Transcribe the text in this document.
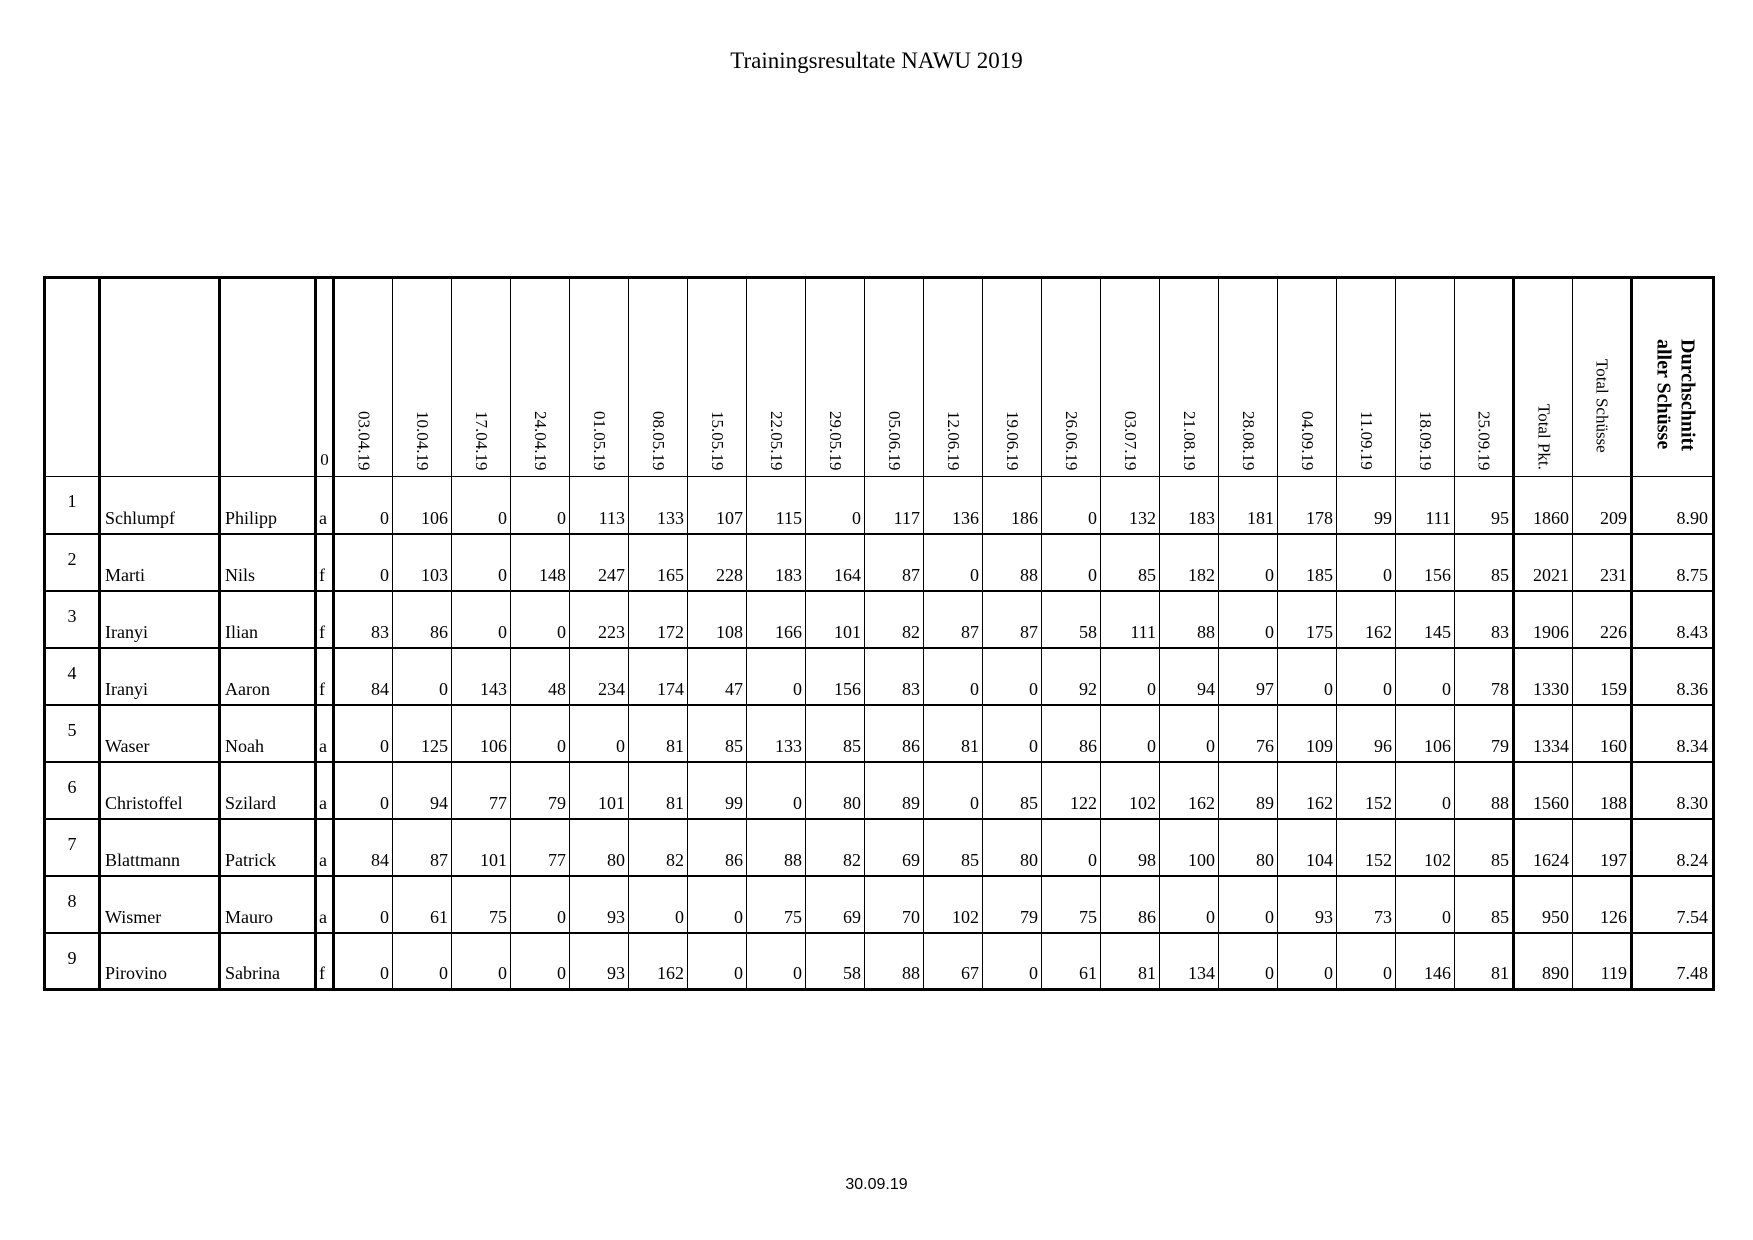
Trainingsresultate NAWU 2019
			0	03.04.19	10.04.19	17.04.19	24.04.19	01.05.19	08.05.19	15.05.19	22.05.19	29.05.19	05.06.19	12.06.19	19.06.19	26.06.19	03.07.19	21.08.19	28.08.19	04.09.19	11.09.19	18.09.19	25.09.19	Total Pkt.	Total Schüsse	Durchschnitt aller Schüsse

1	Schlumpf	Philipp	a	0	106	0	0	113	133	107	115	0	117	136	186	0	132	183	181	178	99	111	95	1860	209	8.90
2	Marti	Nils	f	0	103	0	148	247	165	228	183	164	87	0	88	0	85	182	0	185	0	156	85	2021	231	8.75
3	Iranyi	Ilian	f	83	86	0	0	223	172	108	166	101	82	87	87	58	111	88	0	175	162	145	83	1906	226	8.43
4	Iranyi	Aaron	f	84	0	143	48	234	174	47	0	156	83	0	0	92	0	94	97	0	0	0	78	1330	159	8.36
5	Waser	Noah	a	0	125	106	0	0	81	85	133	85	86	81	0	86	0	0	76	109	96	106	79	1334	160	8.34
6	Christoffel	Szilard	a	0	94	77	79	101	81	99	0	80	89	0	85	122	102	162	89	162	152	0	88	1560	188	8.30
7	Blattmann	Patrick	a	84	87	101	77	80	82	86	88	82	69	85	80	0	98	100	80	104	152	102	85	1624	197	8.24
8	Wismer	Mauro	a	0	61	75	0	93	0	0	75	69	70	102	79	75	86	0	0	93	73	0	85	950	126	7.54
9	Pirovino	Sabrina	f	0	0	0	0	93	162	0	0	58	88	67	0	61	81	134	0	0	0	146	81	890	119	7.48
30.09.19
